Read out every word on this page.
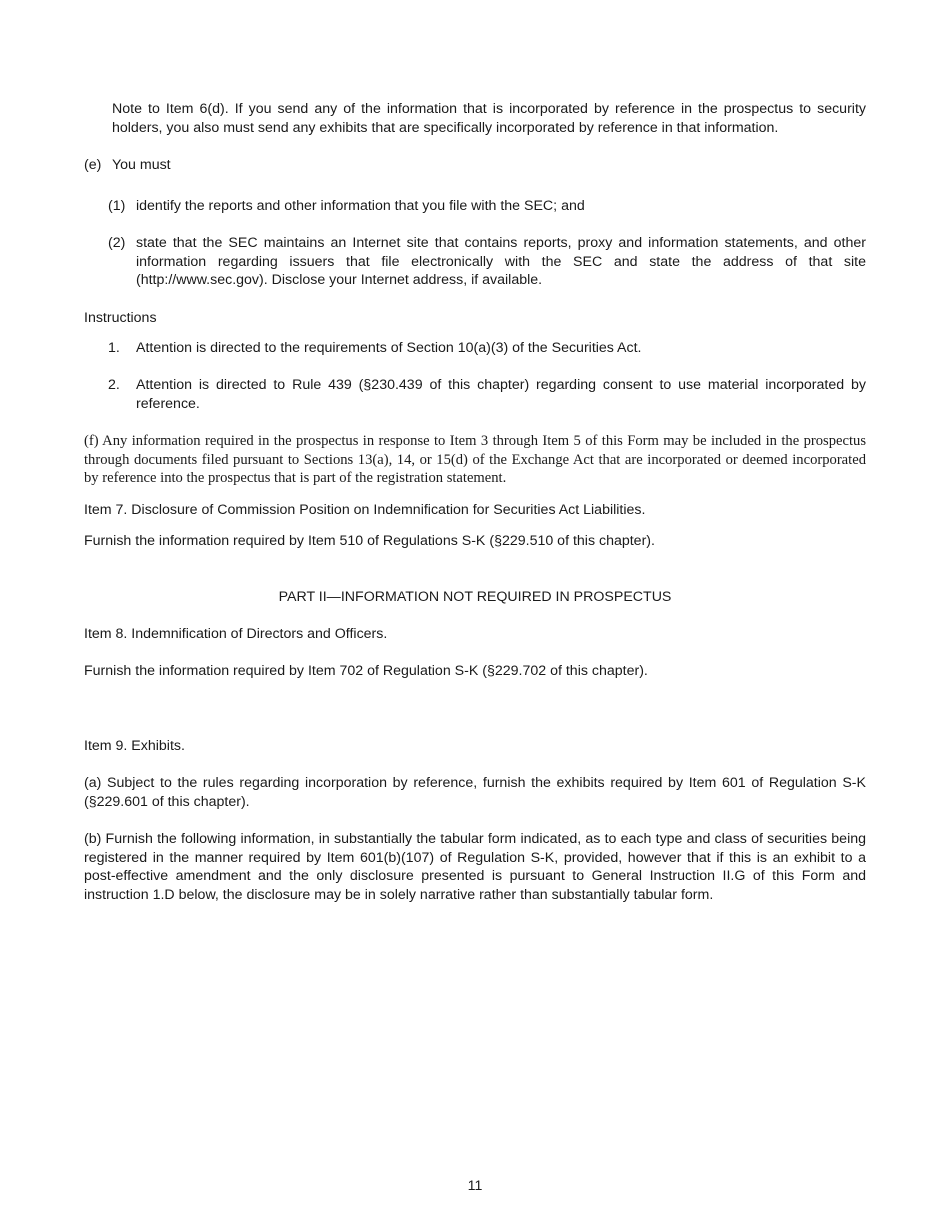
Note to Item 6(d). If you send any of the information that is incorporated by reference in the prospectus to security holders, you also must send any exhibits that are specifically incorporated by reference in that information.

(e) You must
(1) identify the reports and other information that you file with the SEC; and

(2) state that the SEC maintains an Internet site that contains reports, proxy and information statements, and other information regarding issuers that file electronically with the SEC and state the address of that site (http://www.sec.gov). Disclose your Internet address, if available.

Instructions

1. Attention is directed to the requirements of Section 10(a)(3) of the Securities Act.

2. Attention is directed to Rule 439 (§230.439 of this chapter) regarding consent to use material incorporated by reference.

(f) Any information required in the prospectus in response to Item 3 through Item 5 of this Form may be included in the prospectus through documents filed pursuant to Sections 13(a), 14, or 15(d) of the Exchange Act that are incorporated or deemed incorporated by reference into the prospectus that is part of the registration statement.

Item 7. Disclosure of Commission Position on Indemnification for Securities Act Liabilities.

Furnish the information required by Item 510 of Regulations S-K (§229.510 of this chapter).

PART II—INFORMATION NOT REQUIRED IN PROSPECTUS

Item 8. Indemnification of Directors and Officers.

Furnish the information required by Item 702 of Regulation S-K (§229.702 of this chapter).

Item 9. Exhibits.

(a) Subject to the rules regarding incorporation by reference, furnish the exhibits required by Item 601 of Regulation S-K (§229.601 of this chapter).

(b) Furnish the following information, in substantially the tabular form indicated, as to each type and class of securities being registered in the manner required by Item 601(b)(107) of Regulation S-K, provided, however that if this is an exhibit to a post-effective amendment and the only disclosure presented is pursuant to General Instruction II.G of this Form and instruction 1.D below, the disclosure may be in solely narrative rather than substantially tabular form.

11
